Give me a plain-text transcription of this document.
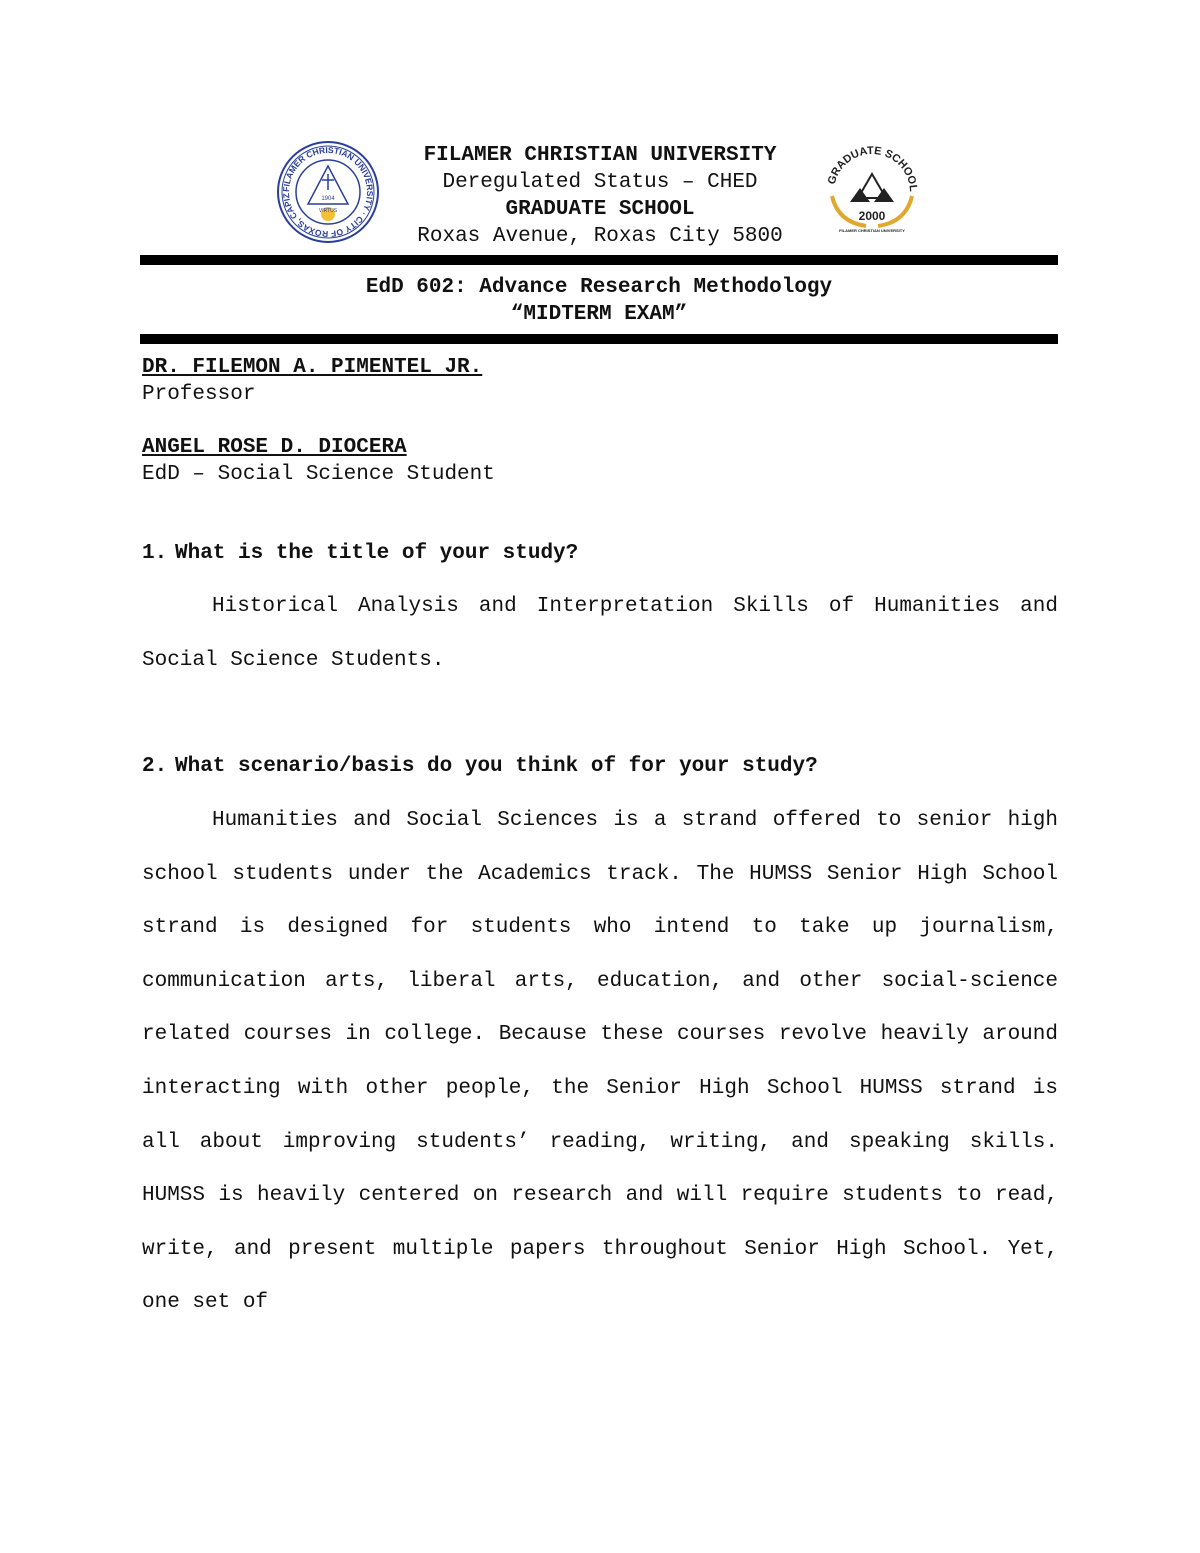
FILAMER CHRISTIAN UNIVERSITY · CITY OF ROXAS, CAPIZ
1904
VIRTUS
FILAMER CHRISTIAN UNIVERSITY
Deregulated Status – CHED
GRADUATE SCHOOL
Roxas Avenue, Roxas City 5800
GRADUATE SCHOOL
2000
FILAMER CHRISTIAN UNIVERSITY
EdD 602: Advance Research Methodology
“MIDTERM EXAM”
DR. FILEMON A. PIMENTEL JR.
Professor
ANGEL ROSE D. DIOCERA
EdD – Social Science Student
1. What is the title of your study?

Historical Analysis and Interpretation Skills of Humanities and Social Science Students.

2. What scenario/basis do you think of for your study?

Humanities and Social Sciences is a strand offered to senior high school students under the Academics track. The HUMSS Senior High School strand is designed for students who intend to take up journalism, communication arts, liberal arts, education, and other social-science related courses in college. Because these courses revolve heavily around interacting with other people, the Senior High School HUMSS strand is all about improving students’ reading, writing, and speaking skills. HUMSS is heavily centered on research and will require students to read, write, and present multiple papers throughout Senior High School. Yet, one set of
